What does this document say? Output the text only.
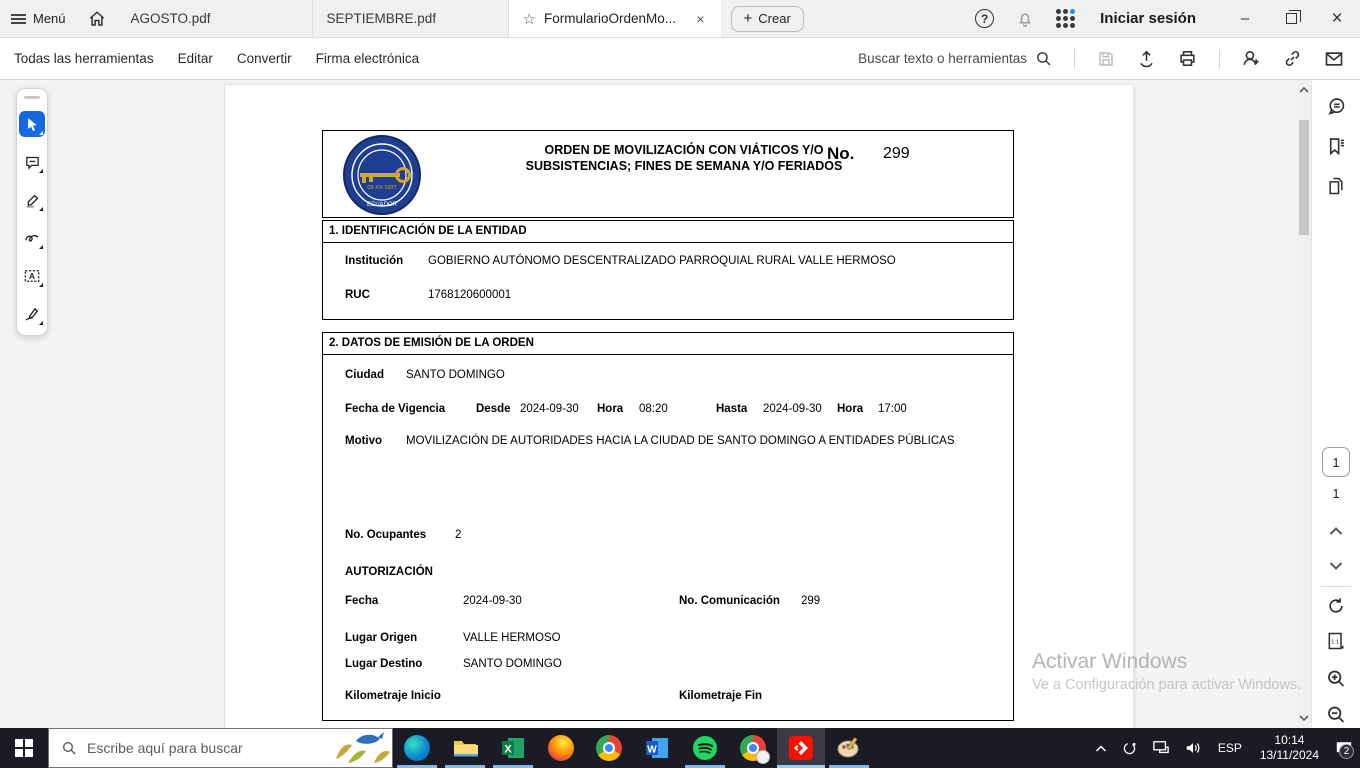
Menú	AGOSTO.pdf	SEPTIEMBRE.pdf	☆ FormularioOrdenMo... ×	+ Crear	?	Iniciar sesión	–	×
Todas las herramientas	Editar	Convertir	Firma electrónica	Buscar texto o herramientas
03-XX-1937
ECUADOR
ORDEN DE MOVILIZACIÓN CON VIÁTICOS Y/O SUBSISTENCIAS; FINES DE SEMANA Y/O FERIADOS
No. 299
1. IDENTIFICACIÓN DE LA ENTIDAD
Institución GOBIERNO AUTÓNOMO DESCENTRALIZADO PARROQUIAL RURAL VALLE HERMOSO
RUC	1768120600001
2. DATOS DE EMISIÓN DE LA ORDEN
Ciudad SANTO DOMINGO
Fecha de Vigencia	Desde 2024-09-30 Hora 08:20	Hasta 2024-09-30 Hora 17:00
Motivo MOVILIZACIÓN DE AUTORIDADES HACIA LA CIUDAD DE SANTO DOMINGO A ENTIDADES PÚBLICAS
No. Ocupantes	2
AUTORIZACIÓN
Fecha	2024-09-30	No. Comunicación 299
Lugar Origen	VALLE HERMOSO
Lugar Destino	SANTO DOMINGO
Kilometraje Inicio	Kilometraje Fin
A
1
1
1:1
Activar Windows
Ve a Configuración para activar Windows.
Escribe aquí para buscar
X	W	ESP
10:14
13/11/2024	2
